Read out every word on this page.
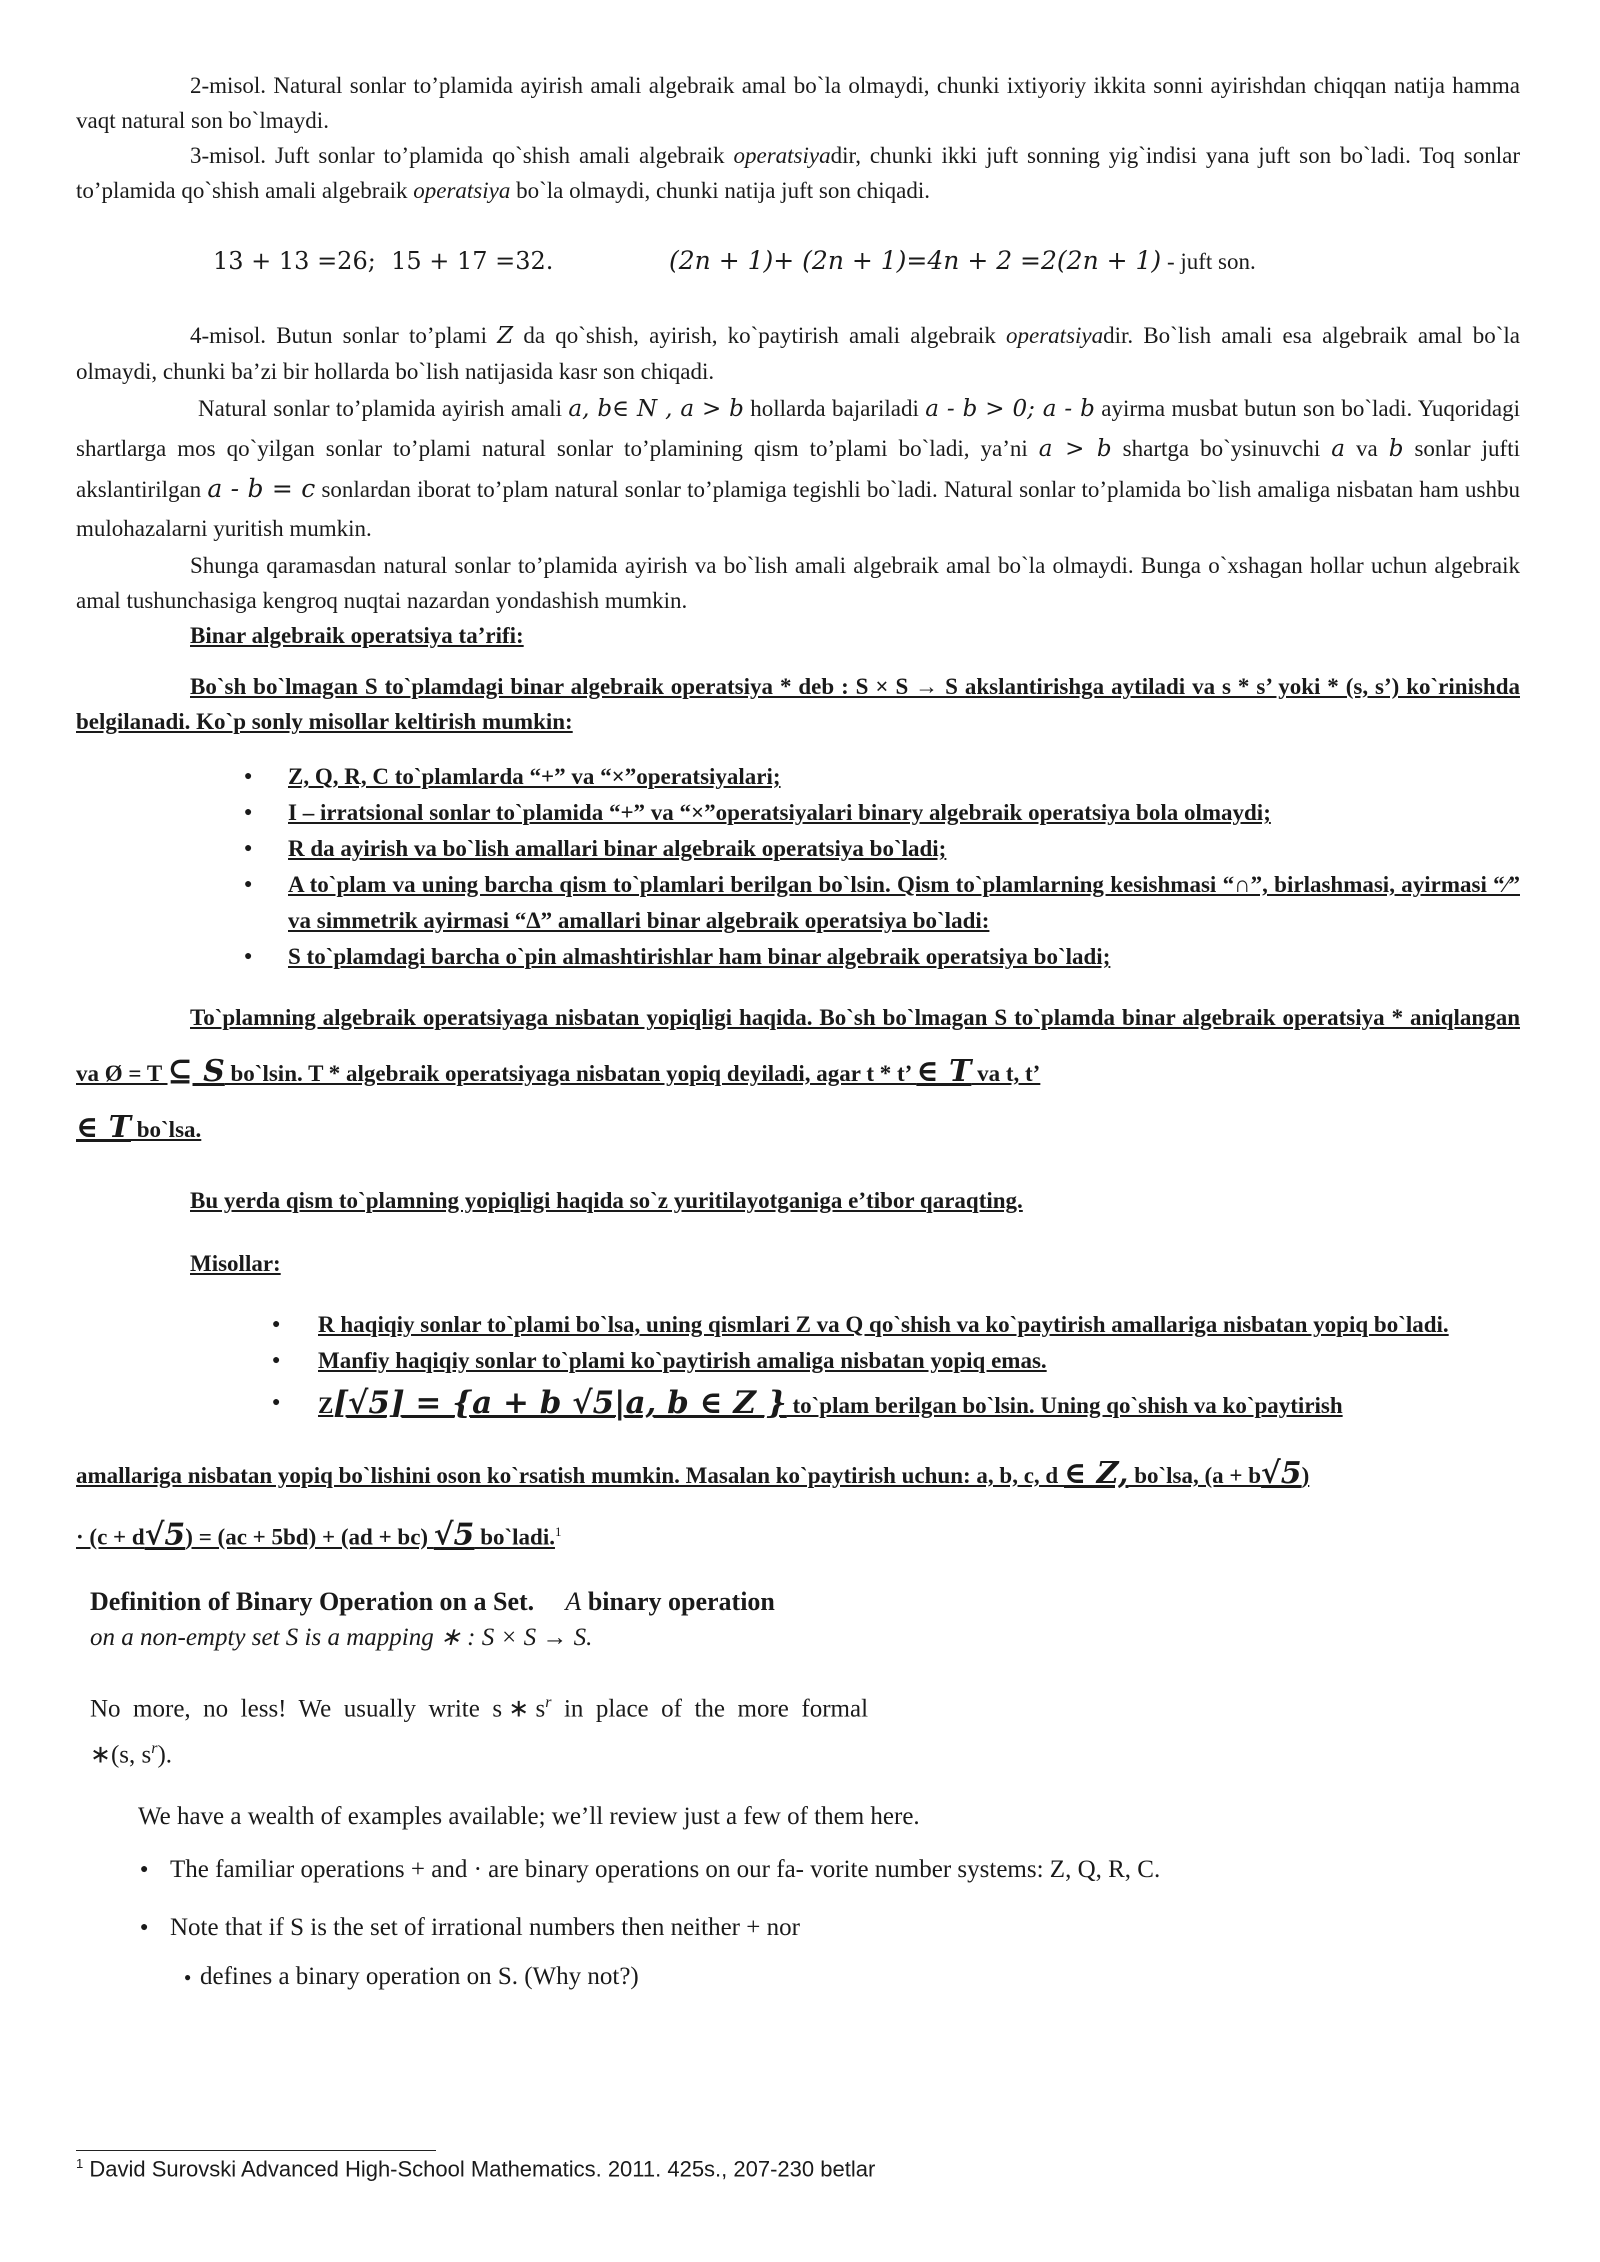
2-misol. Natural sonlar to’plamida ayirish amali algebraik amal bo`la olmaydi, chunki ixtiyoriy ikkita sonni ayirishdan chiqqan natija hamma vaqt natural son bo`lmaydi.

3-misol. Juft sonlar to’plamida qo`shish amali algebraik operatsiyadir, chunki ikki juft sonning yig`indisi yana juft son bo`ladi. Toq sonlar to’plamida qo`shish amali algebraik operatsiya bo`la olmaydi, chunki natija juft son chiqadi.

13 + 13 =26;  15 + 17 =32.	(2n + 1)+ (2n + 1)=4n + 2 =2(2n + 1) - juft son.

4-misol. Butun sonlar to’plami Z da qo`shish, ayirish, ko`paytirish amali algebraik operatsiyadir. Bo`lish amali esa algebraik amal bo`la olmaydi, chunki ba’zi bir hollarda bo`lish natijasida kasr son chiqadi.

Natural sonlar to’plamida ayirish amali a, b∈ N , a > b hollarda bajariladi a - b > 0; a - b ayirma musbat butun son bo`ladi. Yuqoridagi shartlarga mos qo`yilgan sonlar to’plami natural sonlar to’plamining qism to’plami bo`ladi, ya’ni a > b shartga bo`ysinuvchi a va b sonlar jufti akslantirilgan a - b = c sonlardan iborat to’plam natural sonlar to’plamiga tegishli bo`ladi. Natural sonlar to’plamida bo`lish amaliga nisbatan ham ushbu mulohazalarni yuritish mumkin.

Shunga qaramasdan natural sonlar to’plamida ayirish va bo`lish amali algebraik amal bo`la olmaydi. Bunga o`xshagan hollar uchun algebraik amal tushunchasiga kengroq nuqtai nazardan yondashish mumkin.

Binar algebraik operatsiya ta’rifi:

Bo`sh bo`lmagan S to`plamdagi binar algebraik operatsiya * deb : S × S → S akslantirishga aytiladi va s * s’ yoki * (s, s’) ko`rinishda belgilanadi. Ko`p sonly misollar keltirish mumkin:

● Z, Q, R, C to`plamlarda “+” va “×”operatsiyalari;
● I – irratsional sonlar to`plamida “+” va “×”operatsiyalari binary algebraik operatsiya bola olmaydi;
● R da ayirish va bo`lish amallari binar algebraik operatsiya bo`ladi;
● A to`plam va uning barcha qism to`plamlari berilgan bo`lsin. Qism to`plamlarning kesishmasi “∩”, birlashmasi, ayirmasi “⁄” va simmetrik ayirmasi “Δ” amallari binar algebraik operatsiya bo`ladi:
● S to`plamdagi barcha o`pin almashtirishlar ham binar algebraik operatsiya bo`ladi;

To`plamning algebraik operatsiyaga nisbatan yopiqligi haqida. Bo`sh bo`lmagan S to`plamda binar algebraik operatsiya * aniqlangan va Ø = T ⊆ S bo`lsin. T * algebraik operatsiyaga nisbatan yopiq deyiladi, agar t * t’ ∈ T va t, t’
∈ T bo`lsa.

Bu yerda qism to`plamning yopiqligi haqida so`z yuritilayotganiga e’tibor qaraqting.

Misollar:

● R haqiqiy sonlar to`plami bo`lsa, uning qismlari Z va Q qo`shish va ko`paytirish amallariga nisbatan yopiq bo`ladi.
● Manfiy haqiqiy sonlar to`plami ko`paytirish amaliga nisbatan yopiq emas.
● Z[√5] = {a + b √5|a, b ∈ Z } to`plam berilgan bo`lsin. Uning qo`shish va ko`paytirish

amallariga nisbatan yopiq bo`lishini oson ko`rsatish mumkin. Masalan ko`paytirish uchun: a, b, c, d ∈ Z, bo`lsa, (a + b√5)

· (c + d√5) = (ac + 5bd) + (ad + bc) √5 bo`ladi.$^1$

Definition of Binary Operation on a Set. A binary operation

on a non-empty set S is a mapping ∗ : S × S → S.

No  more,  no  less!  We  usually  write  s ∗ $s^r$  in  place  of  the  more  formal

∗(s, $s^r$).

We have a wealth of examples available; we’ll review just a few of them here.

● The familiar operations + and · are binary operations on our fa- vorite number systems: Z, Q, R, C.
● Note that if S is the set of irrational numbers then neither + nor

● defines a binary operation on S. (Why not?)

$^1$ David Surovski Advanced High-School Mathematics. 2011. 425s., 207-230 betlar
